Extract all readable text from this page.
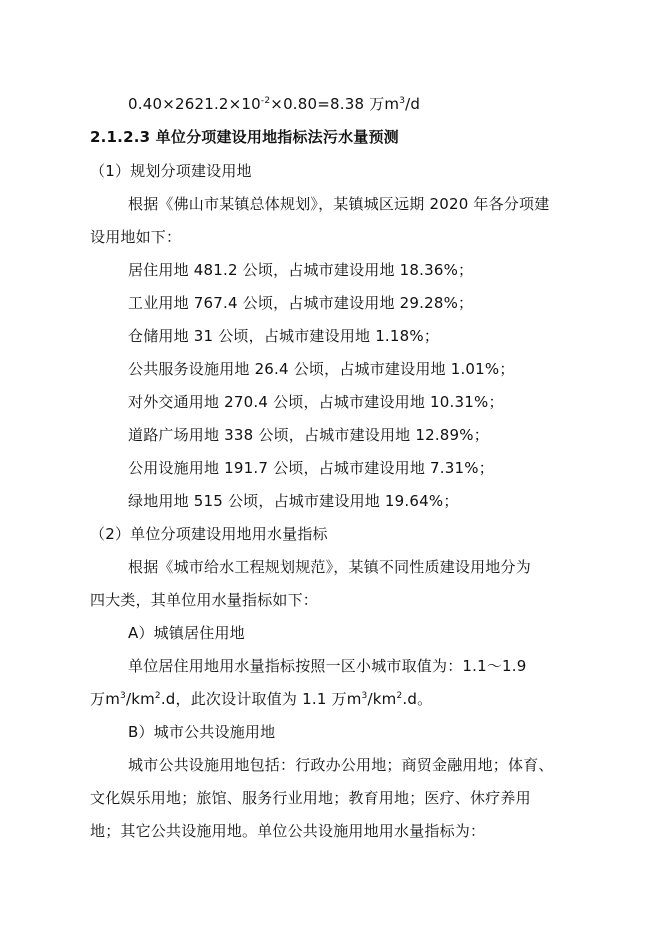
$0.40\times 2621.2\times 10^{-2}\times 0.80=8.38$ 万$m^3/d$
2.1.2.3 单位分项建设用地指标法污水量预测
（1）规划分项建设用地
根据《佛山市某镇总体规划》，某镇城区远期 2020 年各分项建
设用地如下：
居住用地 481.2 公顷，占城市建设用地 18.36%；
工业用地 767.4 公顷，占城市建设用地 29.28%；
仓储用地 31 公顷，占城市建设用地 1.18%；
公共服务设施用地 26.4 公顷，占城市建设用地 1.01%；
对外交通用地 270.4 公顷，占城市建设用地 10.31%；
道路广场用地 338 公顷，占城市建设用地 12.89%；
公用设施用地 191.7 公顷，占城市建设用地 7.31%；
绿地用地 515 公顷，占城市建设用地 19.64%；
（2）单位分项建设用地用水量指标
根据《城市给水工程规划规范》，某镇不同性质建设用地分为
四大类，其单位用水量指标如下：
A）城镇居住用地
单位居住用地用水量指标按照一区小城市取值为：1.1～1.9
万$m^3/km^2.d$，此次设计取值为 1.1 万$m^3/km^2.d$。
B）城市公共设施用地
城市公共设施用地包括：行政办公用地；商贸金融用地；体育、
文化娱乐用地；旅馆、服务行业用地；教育用地；医疗、休疗养用
地；其它公共设施用地。单位公共设施用地用水量指标为：
